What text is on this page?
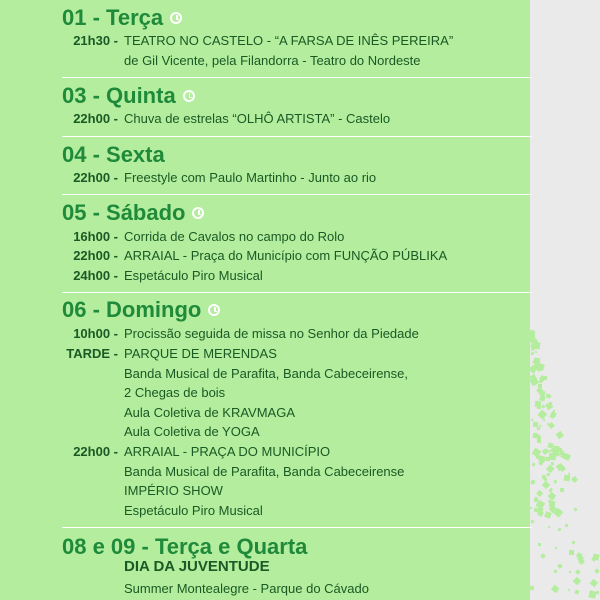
01 - Terça
21h30 - TEATRO NO CASTELO - “A FARSA DE INÊS PEREIRA”
de Gil Vicente, pela Filandorra - Teatro do Nordeste
03 - Quinta
22h00 - Chuva de estrelas “OLHÔ ARTISTA” - Castelo
04 - Sexta
22h00 - Freestyle com Paulo Martinho - Junto ao rio
05 - Sábado
16h00 - Corrida de Cavalos no campo do Rolo
22h00 - ARRAIAL - Praça do Município com FUNÇÃO PÚBLIKA
24h00 - Espetáculo Piro Musical
06 - Domingo
10h00 - Procissão seguida de missa no Senhor da Piedade
TARDE - PARQUE DE MERENDAS
Banda Musical de Parafita, Banda Cabeceirense,
2 Chegas de bois
Aula Coletiva de KRAVMAGA
Aula Coletiva de YOGA
22h00 - ARRAIAL - PRAÇA DO MUNICÍPIO
Banda Musical de Parafita, Banda Cabeceirense
IMPÉRIO SHOW
Espetáculo Piro Musical
08 e 09 - Terça e Quarta
DIA DA JUVENTUDE
Summer Montealegre - Parque do Cávado
